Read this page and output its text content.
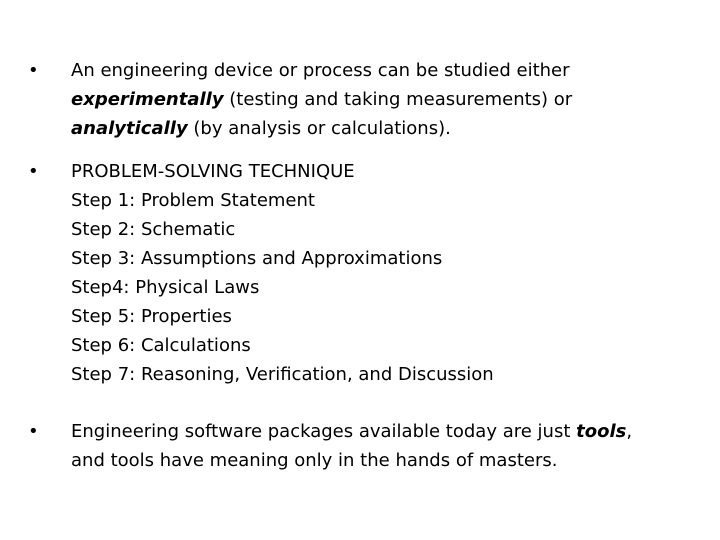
•	An engineering device or process can be studied either
experimentally (testing and taking measurements) or
analytically (by analysis or calculations).
•	PROBLEM-SOLVING TECHNIQUE
Step 1: Problem Statement
Step 2: Schematic
Step 3: Assumptions and Approximations
Step4: Physical Laws
Step 5: Properties
Step 6: Calculations
Step 7: Reasoning, Verification, and Discussion
•	Engineering software packages available today are just tools,
and tools have meaning only in the hands of masters.
